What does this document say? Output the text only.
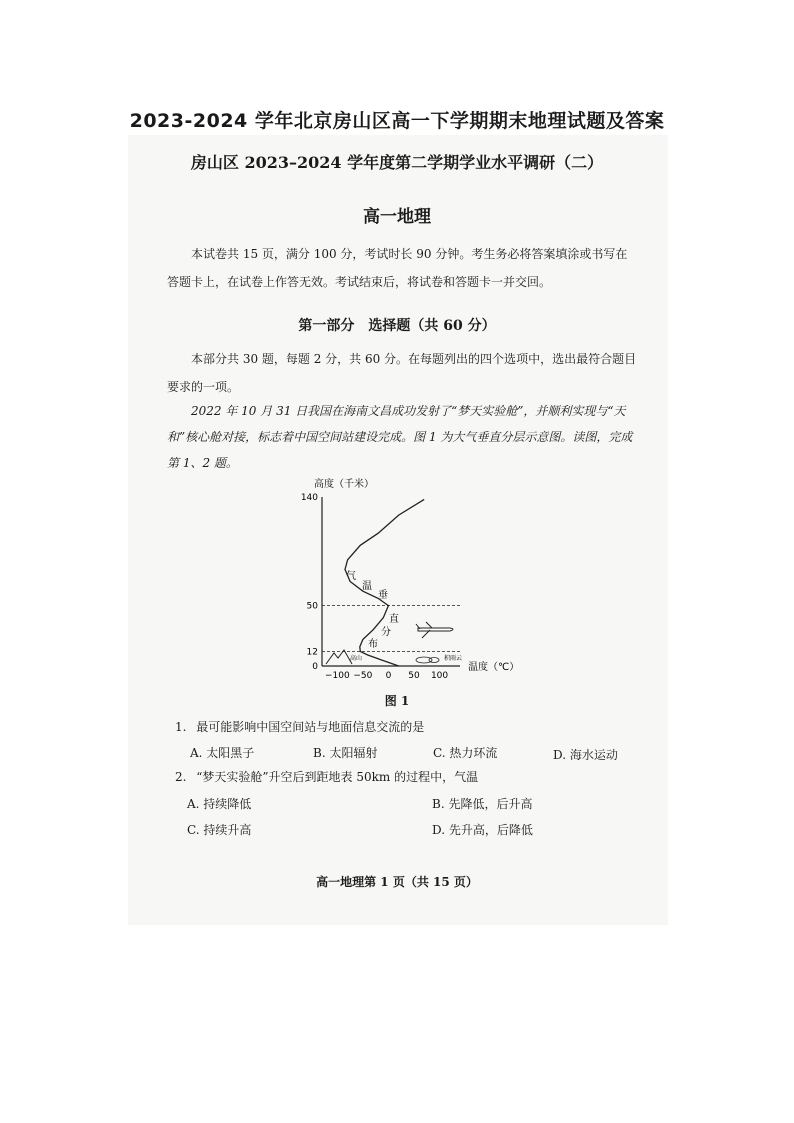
2023-2024 学年北京房山区高一下学期期末地理试题及答案
房山区 2023–2024 学年度第二学期学业水平调研（二）
高一地理

本试卷共 15 页，满分 100 分，考试时长 90 分钟。考生务必将答案填涂或书写在答题卡上，在试卷上作答无效。考试结束后，将试卷和答题卡一并交回。

第一部分　选择题（共 60 分）

本部分共 30 题，每题 2 分，共 60 分。在每题列出的四个选项中，选出最符合题目要求的一项。

2022 年 10 月 31 日我国在海南文昌成功发射了“梦天实验舱”，并顺利实现与“天和”核心舱对接，标志着中国空间站建设完成。图 1 为大气垂直分层示意图。读图，完成第 1、2 题。

高度（千米）
温度（℃）
0
12
50
140
−100 −50 0 50 100
高山	积雨云
气
温
垂
直
分
布
图 1
1. 最可能影响中国空间站与地面信息交流的是
A. 太阳黑子	B. 太阳辐射	C. 热力环流	D. 海水运动
2. “梦天实验舱”升空后到距地表 50km 的过程中，气温
A. 持续降低	B. 先降低，后升高
C. 持续升高	D. 先升高，后降低
高一地理第 1 页（共 15 页）
